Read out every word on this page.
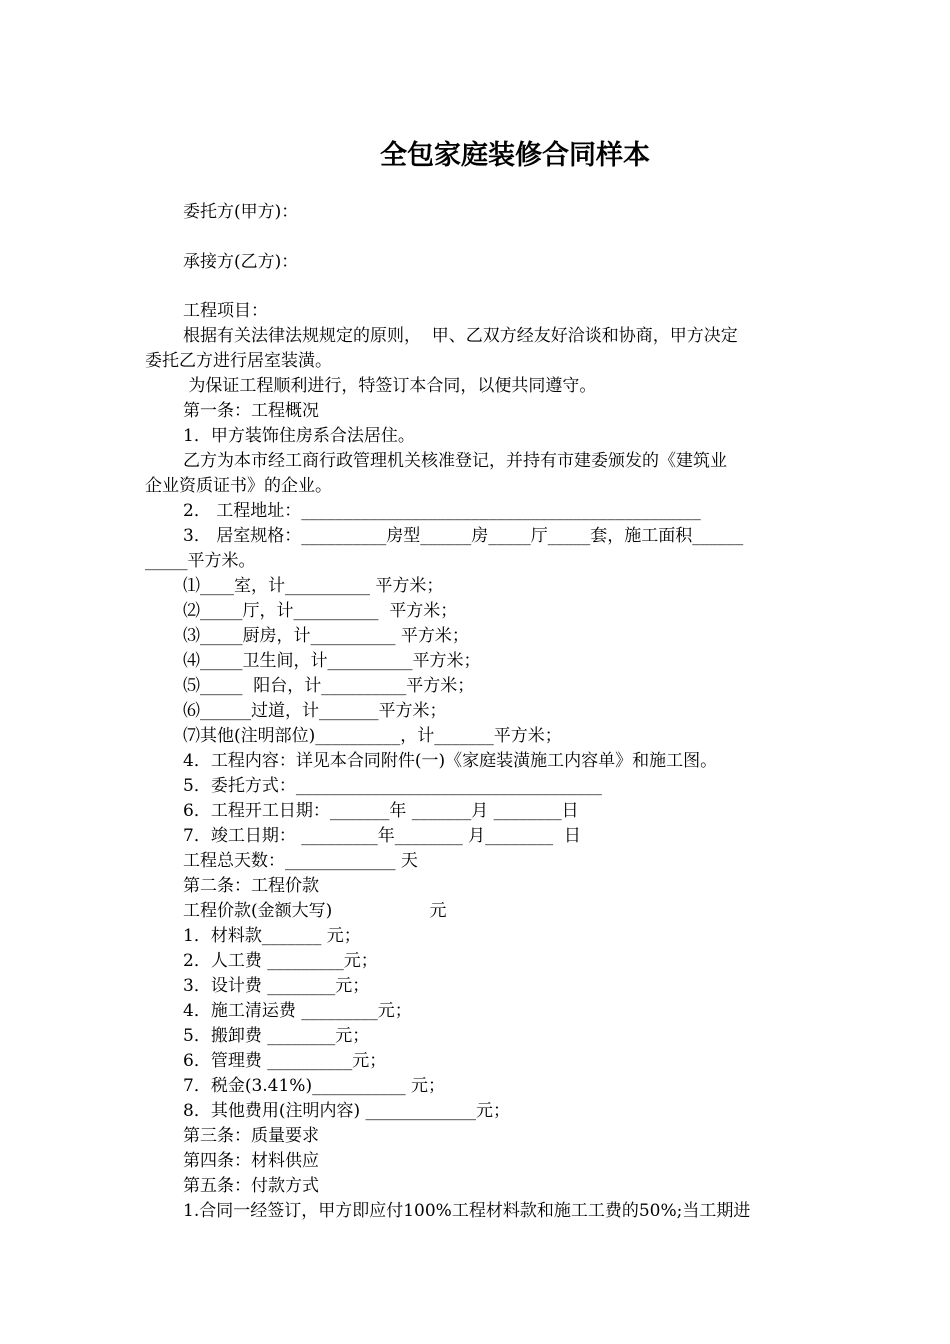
全包家庭装修合同样本
委托方(甲方)：
承接方(乙方)：
工程项目：
根据有关法律法规规定的原则，  甲、乙双方经友好洽谈和协商，甲方决定
委托乙方进行居室装潢。
为保证工程顺利进行，特签订本合同，以便共同遵守。
第一条：工程概况
1．甲方装饰住房系合法居住。
乙方为本市经工商行政管理机关核准登记，并持有市建委颁发的《建筑业
企业资质证书》的企业。
2． 工程地址：_______________________________________________
3． 居室规格：__________房型______房_____厅_____套，施工面积______
_____平方米。
⑴____室，计__________ 平方米；
⑵_____厅，计__________  平方米；
⑶_____厨房，计__________ 平方米；
⑷_____卫生间，计__________平方米；
⑸_____  阳台，计__________平方米；
⑹______过道，计_______平方米；
⑺其他(注明部位)__________，计_______平方米；
4．工程内容：详见本合同附件(一)《家庭装潢施工内容单》和施工图。
5．委托方式：____________________________________
6．工程开工日期：_______年 _______月 ________日
7．竣工日期： _________年________ 月________  日
工程总天数：_____________ 天
第二条：工程价款
工程价款(金额大写)                  元
1．材料款_______ 元；
2．人工费 _________元；
3．设计费 ________元；
4．施工清运费 _________元；
5．搬卸费 ________元；
6．管理费 __________元；
7．税金(3.41%)___________ 元；
8．其他费用(注明内容) _____________元；
第三条：质量要求
第四条：材料供应
第五条：付款方式
1.合同一经签订，甲方即应付100%工程材料款和施工工费的50%;当工期进
